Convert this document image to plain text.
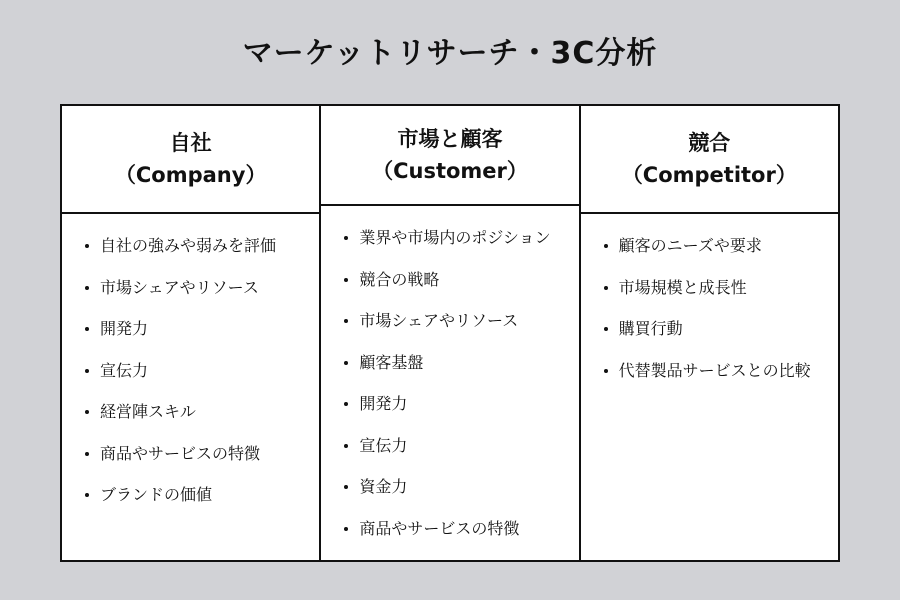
マーケットリサーチ・3C分析
自社
（Company）
自社の強みや弱みを評価
市場シェアやリソース
開発力
宣伝力
経営陣スキル
商品やサービスの特徴
ブランドの価値
市場と顧客
（Customer）
業界や市場内のポジション
競合の戦略
市場シェアやリソース
顧客基盤
開発力
宣伝力
資金力
商品やサービスの特徴
競合
（Competitor）
顧客のニーズや要求
市場規模と成長性
購買行動
代替製品サービスとの比較
